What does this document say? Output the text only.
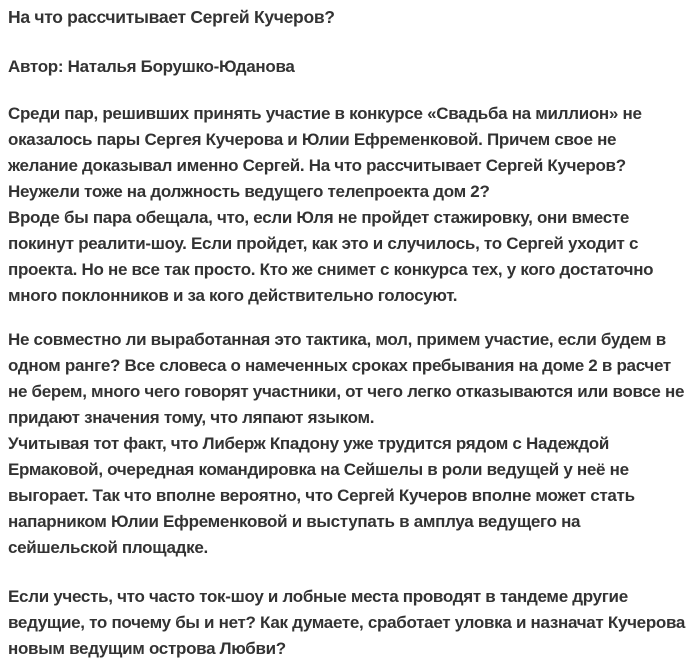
На что рассчитывает Сергей Кучеров?

Автор: Наталья Борушко-Юданова

Среди пар, решивших принять участие в конкурсе «Свадьба на миллион» не оказалось пары Сергея Кучерова и Юлии Ефременковой. Причем свое не желание доказывал именно Сергей. На что рассчитывает Сергей Кучеров? Неужели тоже на должность ведущего телепроекта дом 2?

Вроде бы пара обещала, что, если Юля не пройдет стажировку, они вместе покинут реалити-шоу. Если пройдет, как это и случилось, то Сергей уходит с проекта. Но не все так просто. Кто же снимет с конкурса тех, у кого достаточно много поклонников и за кого действительно голосуют.

Не совместно ли выработанная это тактика, мол, примем участие, если будем в одном ранге? Все словеса о намеченных сроках пребывания на доме 2 в расчет не берем, много чего говорят участники, от чего легко отказываются или вовсе не придают значения тому, что ляпают языком.

Учитывая тот факт, что Либерж Кпадону уже трудится рядом с Надеждой Ермаковой, очередная командировка на Сейшелы в роли ведущей у неё не выгорает. Так что вполне вероятно, что Сергей Кучеров вполне может стать напарником Юлии Ефременковой и выступать в амплуа ведущего на сейшельской площадке.

Если учесть, что часто ток-шоу и лобные места проводят в тандеме другие ведущие, то почему бы и нет? Как думаете, сработает уловка и назначат Кучерова новым ведущим острова Любви?
